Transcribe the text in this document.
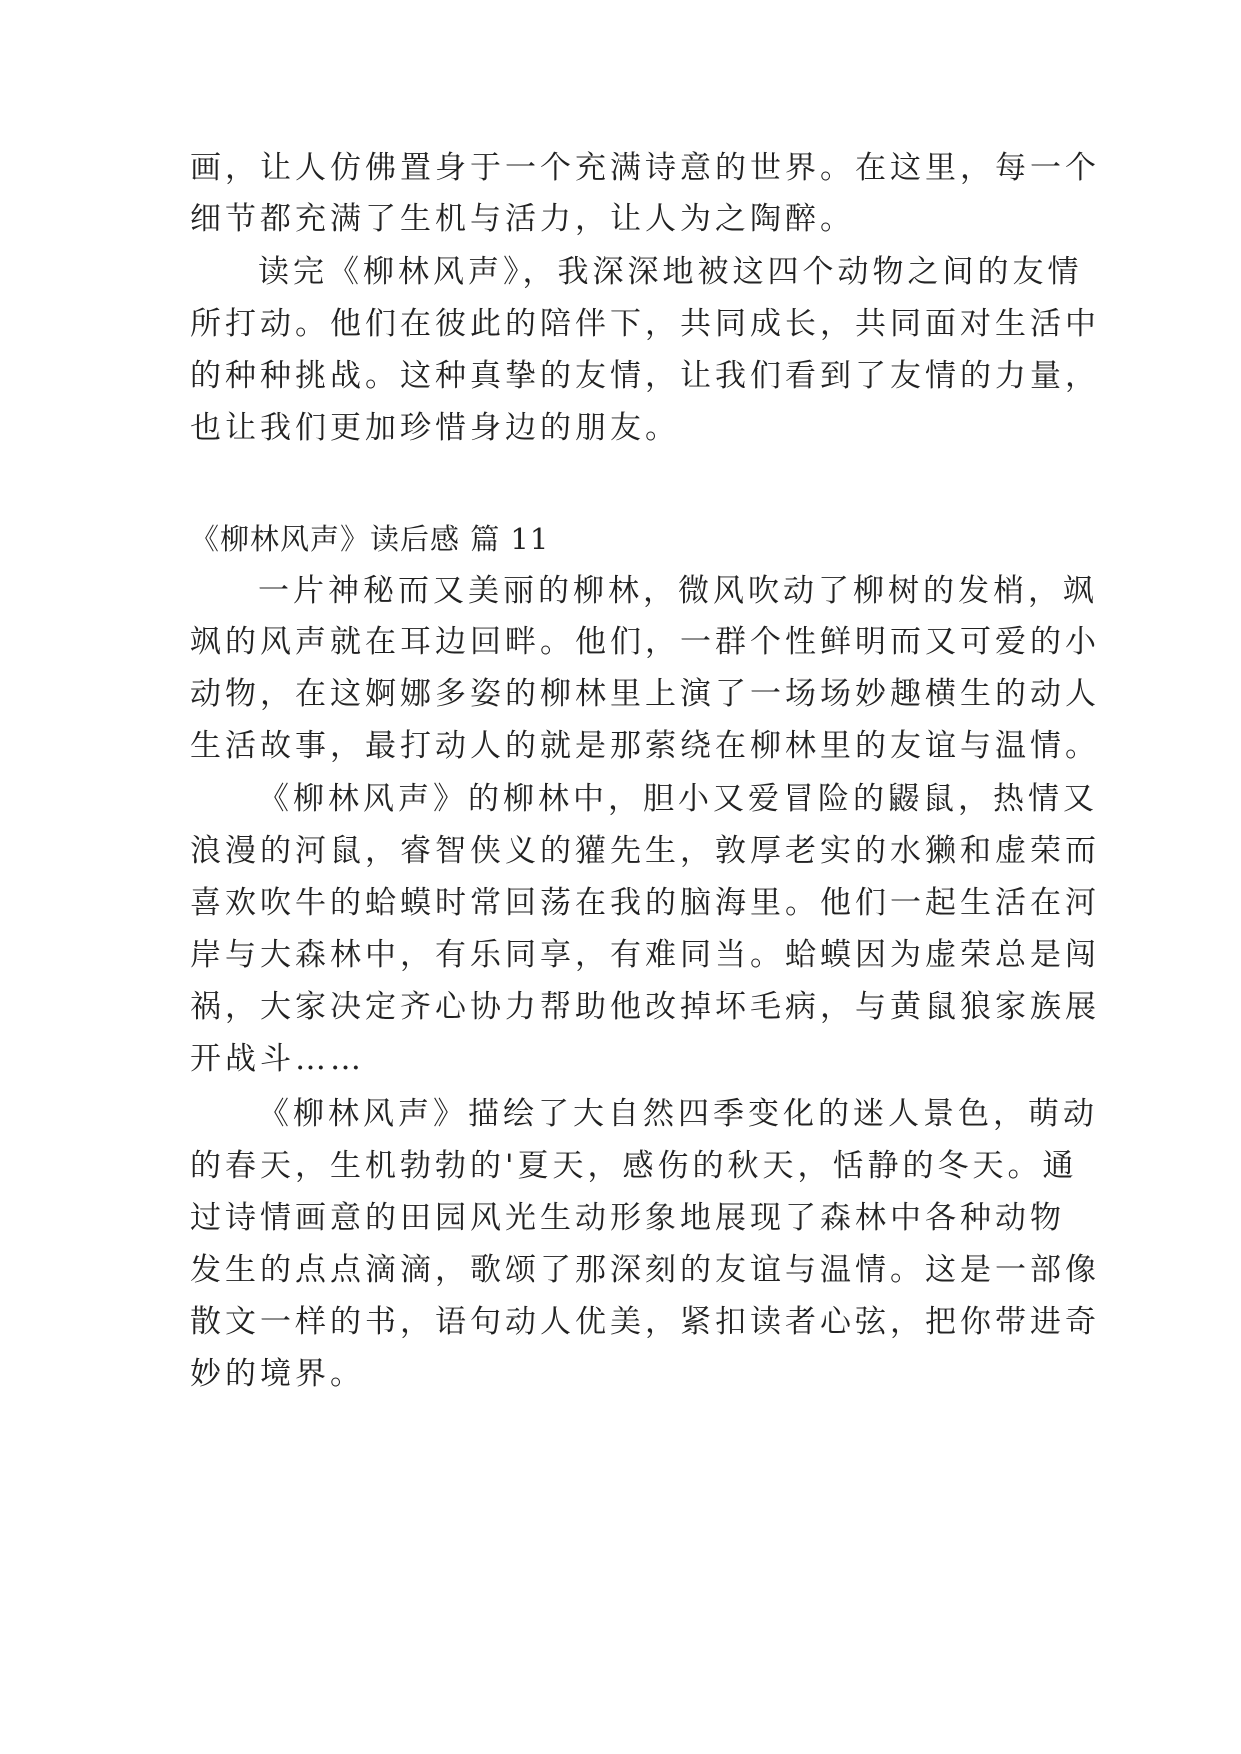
画，让人仿佛置身于一个充满诗意的世界。在这里，每一个
细节都充满了生机与活力，让人为之陶醉。
读完《柳林风声》，我深深地被这四个动物之间的友情
所打动。他们在彼此的陪伴下，共同成长，共同面对生活中
的种种挑战。这种真挚的友情，让我们看到了友情的力量，
也让我们更加珍惜身边的朋友。
《柳林风声》读后感 篇 11
一片神秘而又美丽的柳林，微风吹动了柳树的发梢，飒
飒的风声就在耳边回畔。他们，一群个性鲜明而又可爱的小
动物，在这婀娜多姿的柳林里上演了一场场妙趣横生的动人
生活故事，最打动人的就是那萦绕在柳林里的友谊与温情。
《柳林风声》的柳林中，胆小又爱冒险的鼹鼠，热情又
浪漫的河鼠，睿智侠义的獾先生，敦厚老实的水獭和虚荣而
喜欢吹牛的蛤蟆时常回荡在我的脑海里。他们一起生活在河
岸与大森林中，有乐同享，有难同当。蛤蟆因为虚荣总是闯
祸，大家决定齐心协力帮助他改掉坏毛病，与黄鼠狼家族展
开战斗……
《柳林风声》描绘了大自然四季变化的迷人景色，萌动
的春天，生机勃勃的'夏天，感伤的秋天，恬静的冬天。通
过诗情画意的田园风光生动形象地展现了森林中各种动物
发生的点点滴滴，歌颂了那深刻的友谊与温情。这是一部像
散文一样的书，语句动人优美，紧扣读者心弦，把你带进奇
妙的境界。
